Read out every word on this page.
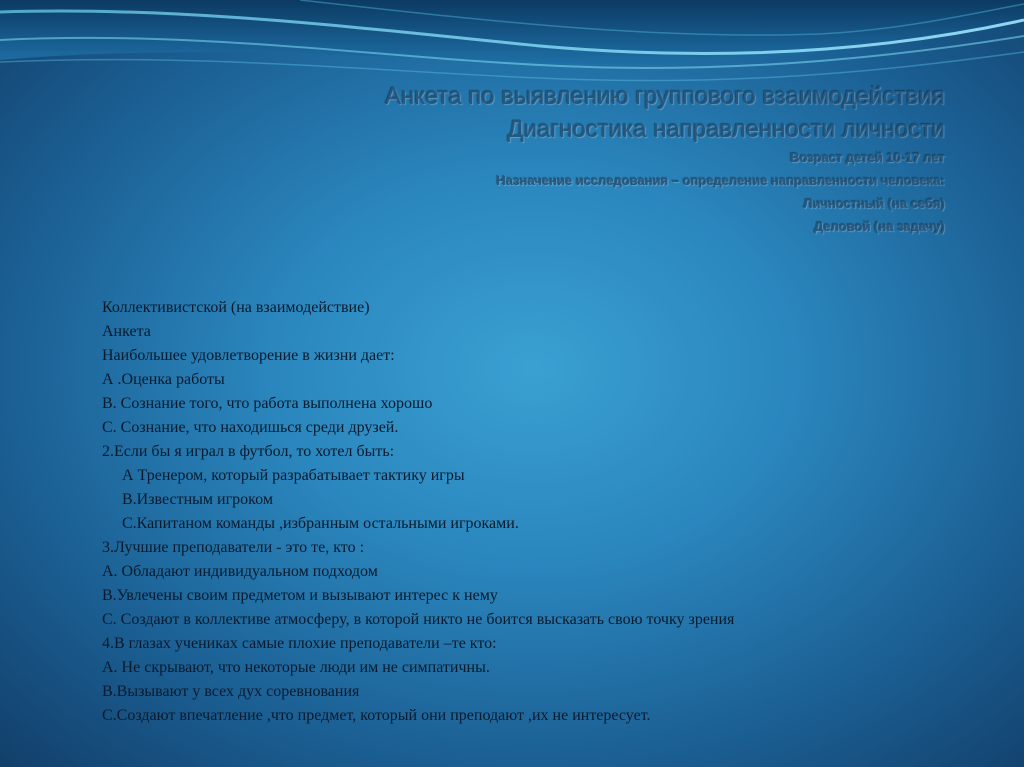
Анкета по выявлению группового взаимодействия
Диагностика направленности личности
Возраст детей 10-17 лет
Назначение исследования – определение направленности человека:
Личностный (на себя)
Деловой (на задачу)
Коллективистской (на взаимодействие)
Анкета
Наибольшее удовлетворение в жизни дает:
А .Оценка работы
В. Сознание того, что работа выполнена хорошо
С. Сознание, что находишься среди друзей.
2.Если бы я играл в футбол, то хотел быть:
А Тренером, который разрабатывает тактику игры
В.Известным игроком
С.Капитаном команды ,избранным остальными игроками.
3.Лучшие преподаватели - это те, кто :
А. Обладают индивидуальном подходом
В.Увлечены своим предметом и вызывают интерес к нему
С. Создают в коллективе атмосферу, в которой никто не боится высказать свою точку зрения
4.В глазах учениках самые плохие преподаватели –те кто:
А. Не скрывают, что некоторые люди им не симпатичны.
В.Вызывают у всех дух соревнования
С.Создают впечатление ,что предмет, который они преподают ,их не интересует.
